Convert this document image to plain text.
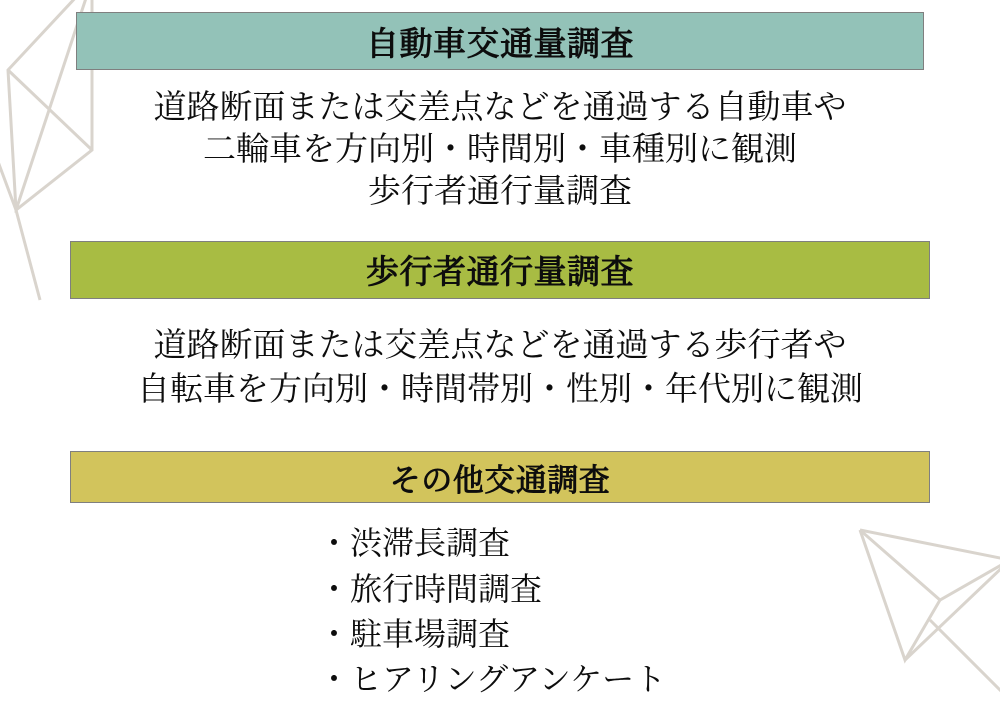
自動車交通量調査
道路断面または交差点などを通過する自動車や
二輪車を方向別・時間別・車種別に観測
歩行者通行量調査
歩行者通行量調査
道路断面または交差点などを通過する歩行者や
自転車を方向別・時間帯別・性別・年代別に観測
その他交通調査
・渋滞長調査
・旅行時間調査
・駐車場調査
・ヒアリングアンケート
